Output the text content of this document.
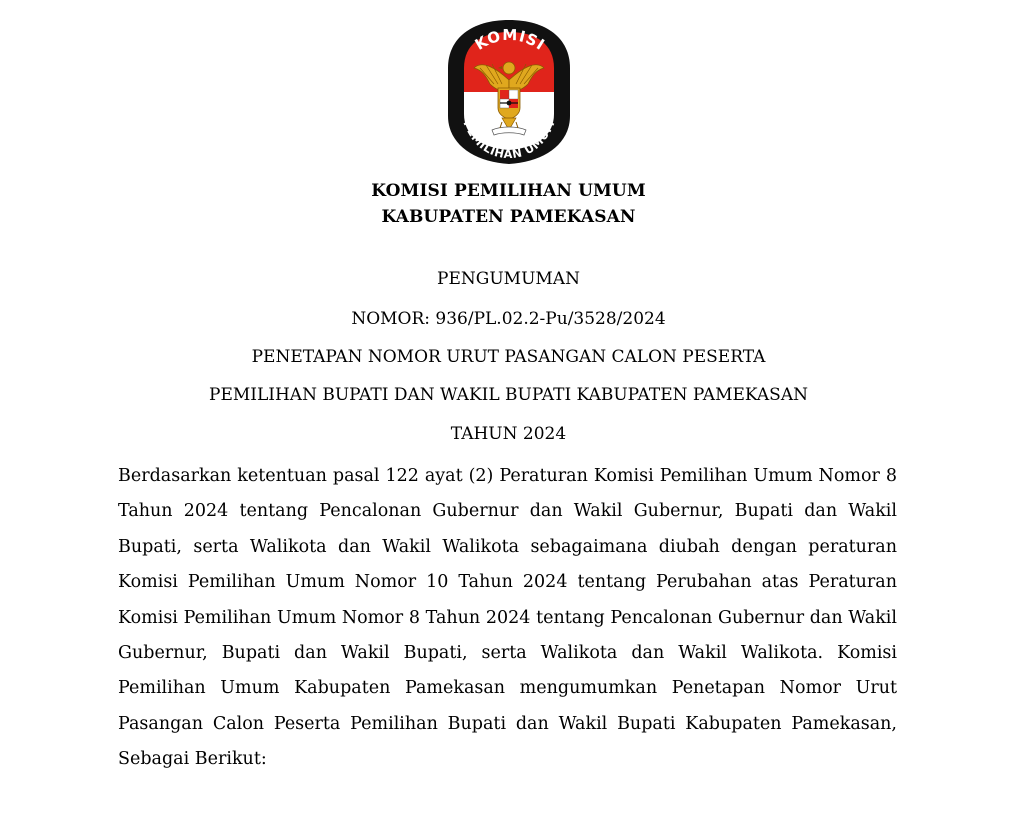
KOMISI
PEMILIHAN UMUM
KOMISI PEMILIHAN UMUM
KABUPATEN PAMEKASAN
PENGUMUMAN
NOMOR: 936/PL.02.2-Pu/3528/2024
PENETAPAN NOMOR URUT PASANGAN CALON PESERTA
PEMILIHAN BUPATI DAN WAKIL BUPATI KABUPATEN PAMEKASAN
TAHUN 2024

Berdasarkan ketentuan pasal 122 ayat (2) Peraturan Komisi Pemilihan Umum Nomor 8 Tahun 2024 tentang Pencalonan Gubernur dan Wakil Gubernur, Bupati dan Wakil Bupati, serta Walikota dan Wakil Walikota sebagaimana diubah dengan peraturan Komisi Pemilihan Umum Nomor 10 Tahun 2024 tentang Perubahan atas Peraturan Komisi Pemilihan Umum Nomor 8 Tahun 2024 tentang Pencalonan Gubernur dan Wakil Gubernur, Bupati dan Wakil Bupati, serta Walikota dan Wakil Walikota. Komisi Pemilihan Umum Kabupaten Pamekasan mengumumkan Penetapan Nomor Urut Pasangan Calon Peserta Pemilihan Bupati dan Wakil Bupati Kabupaten Pamekasan, Sebagai Berikut:
